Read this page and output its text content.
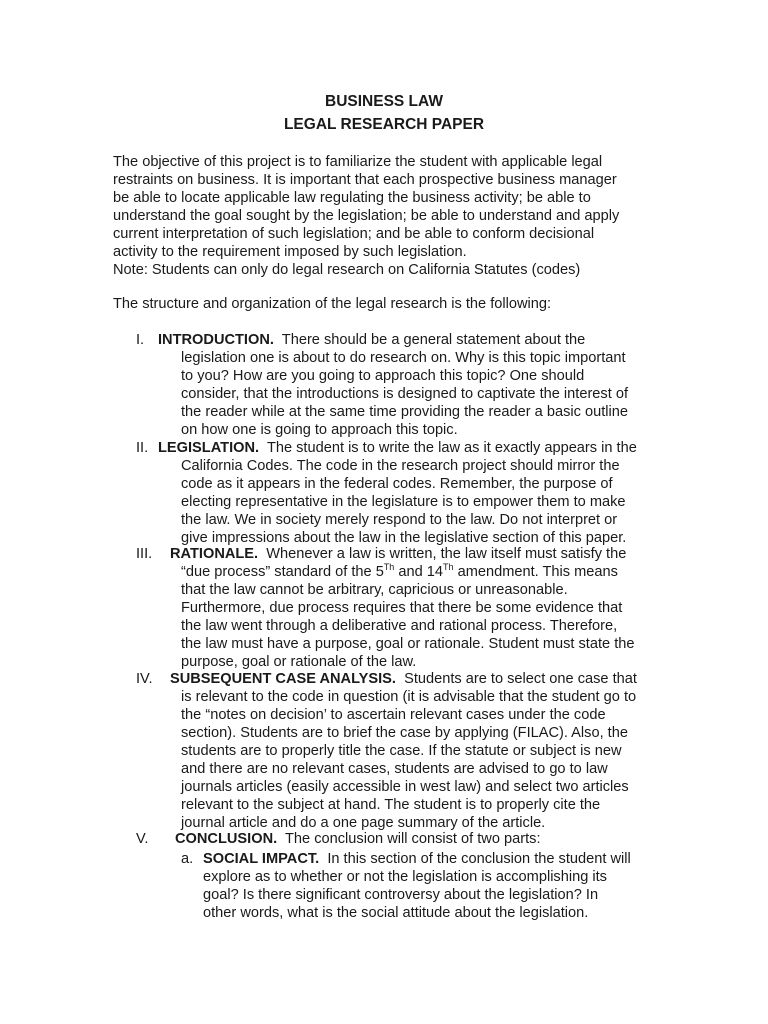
BUSINESS LAW
LEGAL RESEARCH PAPER
The objective of this project is to familiarize the student with applicable legal
restraints on business. It is important that each prospective business manager
be able to locate applicable law regulating the business activity; be able to
understand the goal sought by the legislation; be able to understand and apply
current interpretation of such legislation; and be able to conform decisional
activity to the requirement imposed by such legislation.
Note: Students can only do legal research on California Statutes (codes)
The structure and organization of the legal research is the following:
I. INTRODUCTION. There should be a general statement about the
legislation one is about to do research on. Why is this topic important
to you? How are you going to approach this topic? One should
consider, that the introductions is designed to captivate the interest of
the reader while at the same time providing the reader a basic outline
on how one is going to approach this topic.
II. LEGISLATION. The student is to write the law as it exactly appears in the
California Codes. The code in the research project should mirror the
code as it appears in the federal codes. Remember, the purpose of
electing representative in the legislature is to empower them to make
the law. We in society merely respond to the law. Do not interpret or
give impressions about the law in the legislative section of this paper.
III. RATIONALE. Whenever a law is written, the law itself must satisfy the
“due process” standard of the 5Th and 14Th amendment. This means
that the law cannot be arbitrary, capricious or unreasonable.
Furthermore, due process requires that there be some evidence that
the law went through a deliberative and rational process. Therefore,
the law must have a purpose, goal or rationale. Student must state the
purpose, goal or rationale of the law.
IV. SUBSEQUENT CASE ANALYSIS. Students are to select one case that
is relevant to the code in question (it is advisable that the student go to
the “notes on decision’ to ascertain relevant cases under the code
section). Students are to brief the case by applying (FILAC). Also, the
students are to properly title the case. If the statute or subject is new
and there are no relevant cases, students are advised to go to law
journals articles (easily accessible in west law) and select two articles
relevant to the subject at hand. The student is to properly cite the
journal article and do a one page summary of the article.
V. CONCLUSION. The conclusion will consist of two parts:
a. SOCIAL IMPACT. In this section of the conclusion the student will
explore as to whether or not the legislation is accomplishing its
goal? Is there significant controversy about the legislation? In
other words, what is the social attitude about the legislation.
